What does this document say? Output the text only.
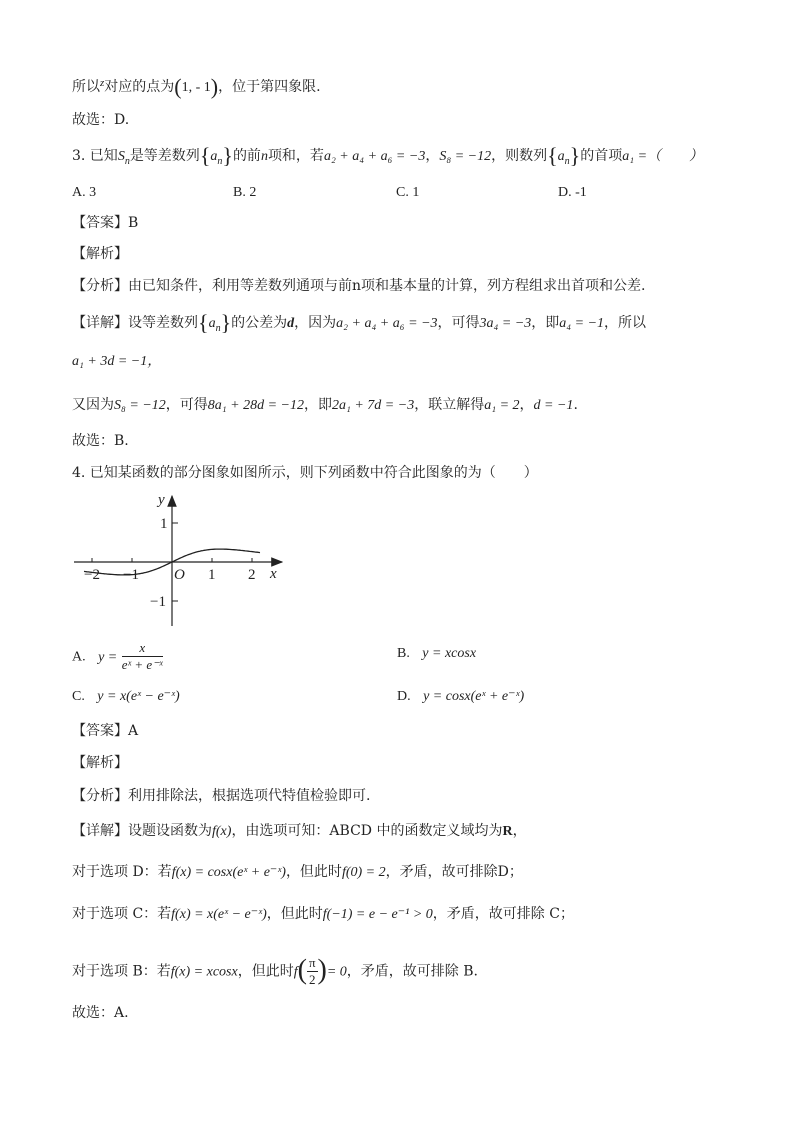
所以$^z$对应的点为(1, - 1)，位于第四象限.
故选：D.
3. 已知$S_n$是等差数列$\{a_n\}$的前n项和，若a₂ + a₄ + a₆ = −3，S₈ = −12，则数列$\{a_n\}$的首项a₁ =（　　）
A. 3	B. 2	C. 1	D. -1
【答案】B
【解析】
【分析】由已知条件，利用等差数列通项与前n项和基本量的计算，列方程组求出首项和公差.
【详解】设等差数列$\{a_n\}$的公差为d，因为a₂ + a₄ + a₆ = −3，可得3a₄ = −3，即a₄ = −1，所以
a₁ + 3d = −1，
又因为S₈ = −12，可得8a₁ + 28d = −12，即2a₁ + 7d = −3，联立解得a₁ = 2，d = −1.
故选：B.
4. 已知某函数的部分图象如图所示，则下列函数中符合此图象的为（　　）
y
x
O
−2 −1	1 2
1
−1
A. $y = \frac{x}{\text{eˣ + e⁻ˣ}}$	B. y = xcosx
C. y = x(eˣ − e⁻ˣ)	D. y = cosx(eˣ + e⁻ˣ)
【答案】A
【解析】
【分析】利用排除法，根据选项代特值检验即可.
【详解】设题设函数为f(x)，由选项可知：ABCD 中的函数定义域均为R，
对于选项 D：若f(x) = cosx(eˣ + e⁻ˣ)，但此时f(0) = 2，矛盾，故可排除D；
对于选项 C：若f(x) = x(eˣ − e⁻ˣ)，但此时f(−1) = e − e⁻¹ > 0，矛盾，故可排除 C；
对于选项 B：若f(x) = xcosx，但此时$f( \frac{\pi}{2}$ )= 0，矛盾，故可排除 B.
故选：A.
